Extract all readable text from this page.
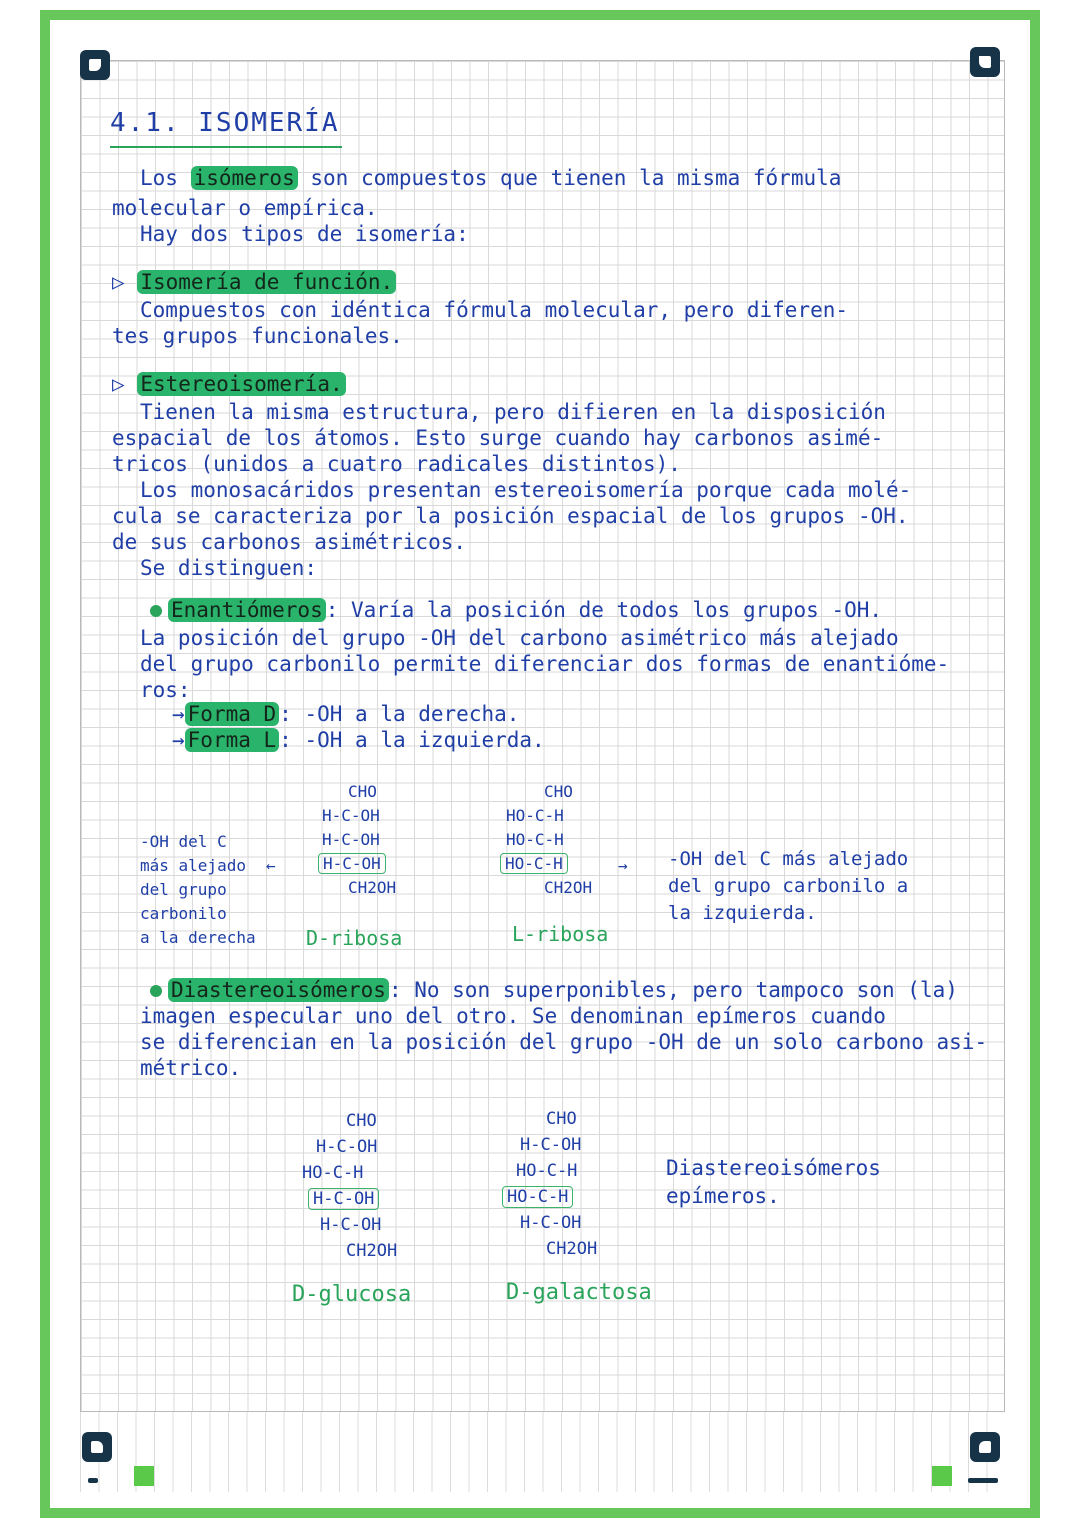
4.1. ISOMERÍA
Los isómeros son compuestos que tienen la misma fórmula
molecular o empírica.
Hay dos tipos de isomería:
▷ Isomería de función.
Compuestos con idéntica fórmula molecular, pero diferen-
tes grupos funcionales.
▷ Estereoisomería.
Tienen la misma estructura, pero difieren en la disposición
espacial de los átomos. Esto surge cuando hay carbonos asimé-
tricos (unidos a cuatro radicales distintos).
Los monosacáridos presentan estereoisomería porque cada molé-
cula se caracteriza por la posición espacial de los grupos -OH.
de sus carbonos asimétricos.
Se distinguen:
Enantiómeros : Varía la posición de todos los grupos -OH.
La posición del grupo -OH del carbono asimétrico más alejado
del grupo carbonilo permite diferenciar dos formas de enantióme-
ros:
→ Forma D : -OH a la derecha.
→ Forma L : -OH a la izquierda.
-OH del C
más alejado
del grupo
carbonilo
a la derecha
←
CHO
H-C-OH
H-C-OH
H-C-OH
CH2OH
D-ribosa
CHO
HO-C-H
HO-C-H
HO-C-H
CH2OH
→
L-ribosa
-OH del C más alejado
del grupo carbonilo a
la izquierda.
Diastereoisómeros : No son superponibles, pero tampoco son (la)
imagen especular uno del otro. Se denominan epímeros cuando
se diferencian en la posición del grupo -OH de un solo carbono asi-
métrico.
CHO
H-C-OH
HO-C-H
H-C-OH
H-C-OH
CH2OH
D-glucosa
CHO
H-C-OH
HO-C-H
HO-C-H
H-C-OH
CH2OH
D-galactosa
Diastereoisómeros
epímeros.
